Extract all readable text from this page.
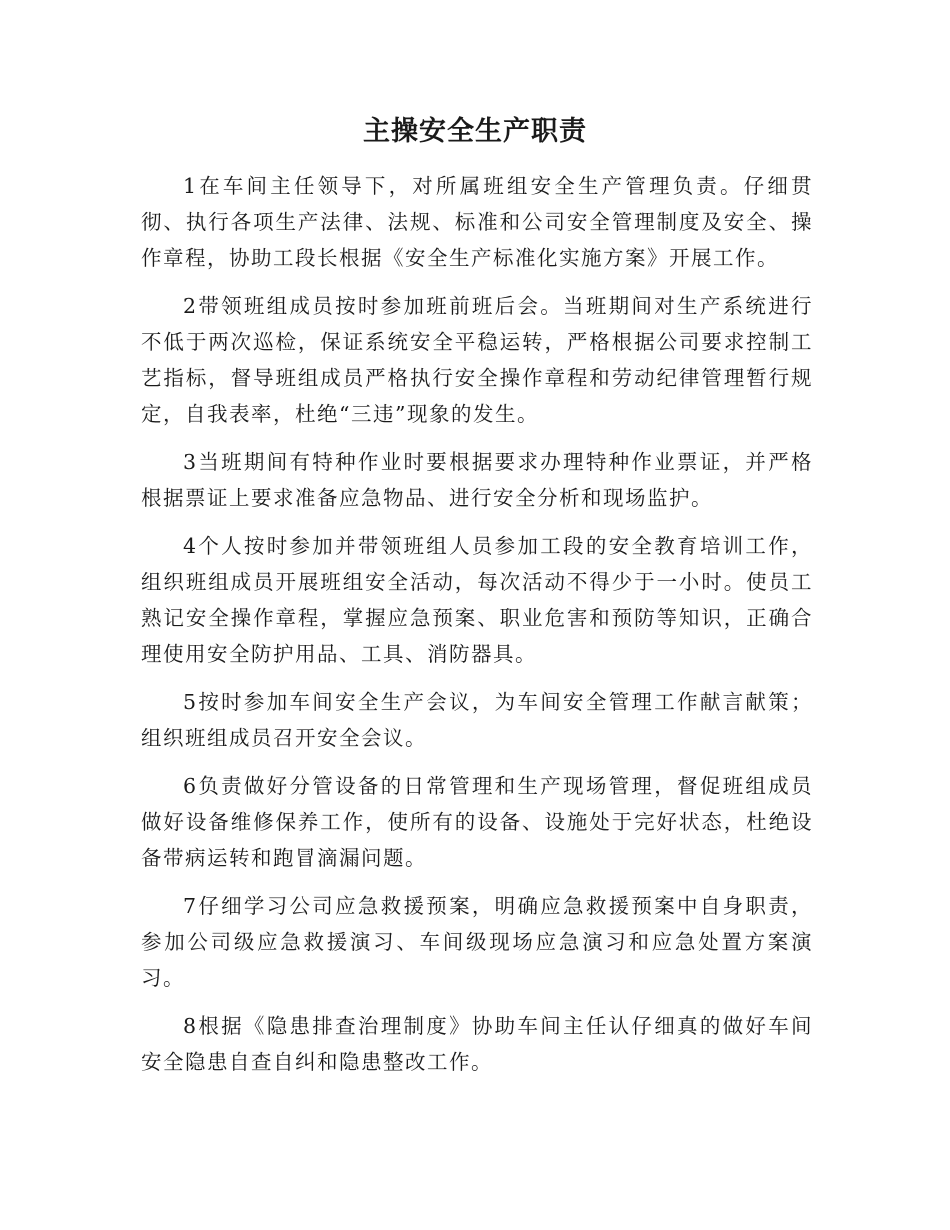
主操安全生产职责

1在车间主任领导下，对所属班组安全生产管理负责。仔细贯彻、执行各项生产法律、法规、标准和公司安全管理制度及安全、操作章程，协助工段长根据《安全生产标准化实施方案》开展工作。

2带领班组成员按时参加班前班后会。当班期间对生产系统进行不低于两次巡检，保证系统安全平稳运转，严格根据公司要求控制工艺指标，督导班组成员严格执行安全操作章程和劳动纪律管理暂行规定，自我表率，杜绝“三违”现象的发生。

3当班期间有特种作业时要根据要求办理特种作业票证，并严格根据票证上要求准备应急物品、进行安全分析和现场监护。

4个人按时参加并带领班组人员参加工段的安全教育培训工作，组织班组成员开展班组安全活动，每次活动不得少于一小时。使员工熟记安全操作章程，掌握应急预案、职业危害和预防等知识，正确合理使用安全防护用品、工具、消防器具。

5按时参加车间安全生产会议，为车间安全管理工作献言献策；组织班组成员召开安全会议。

6负责做好分管设备的日常管理和生产现场管理，督促班组成员做好设备维修保养工作，使所有的设备、设施处于完好状态，杜绝设备带病运转和跑冒滴漏问题。

7仔细学习公司应急救援预案，明确应急救援预案中自身职责，参加公司级应急救援演习、车间级现场应急演习和应急处置方案演习。

8根据《隐患排查治理制度》协助车间主任认仔细真的做好车间安全隐患自查自纠和隐患整改工作。
